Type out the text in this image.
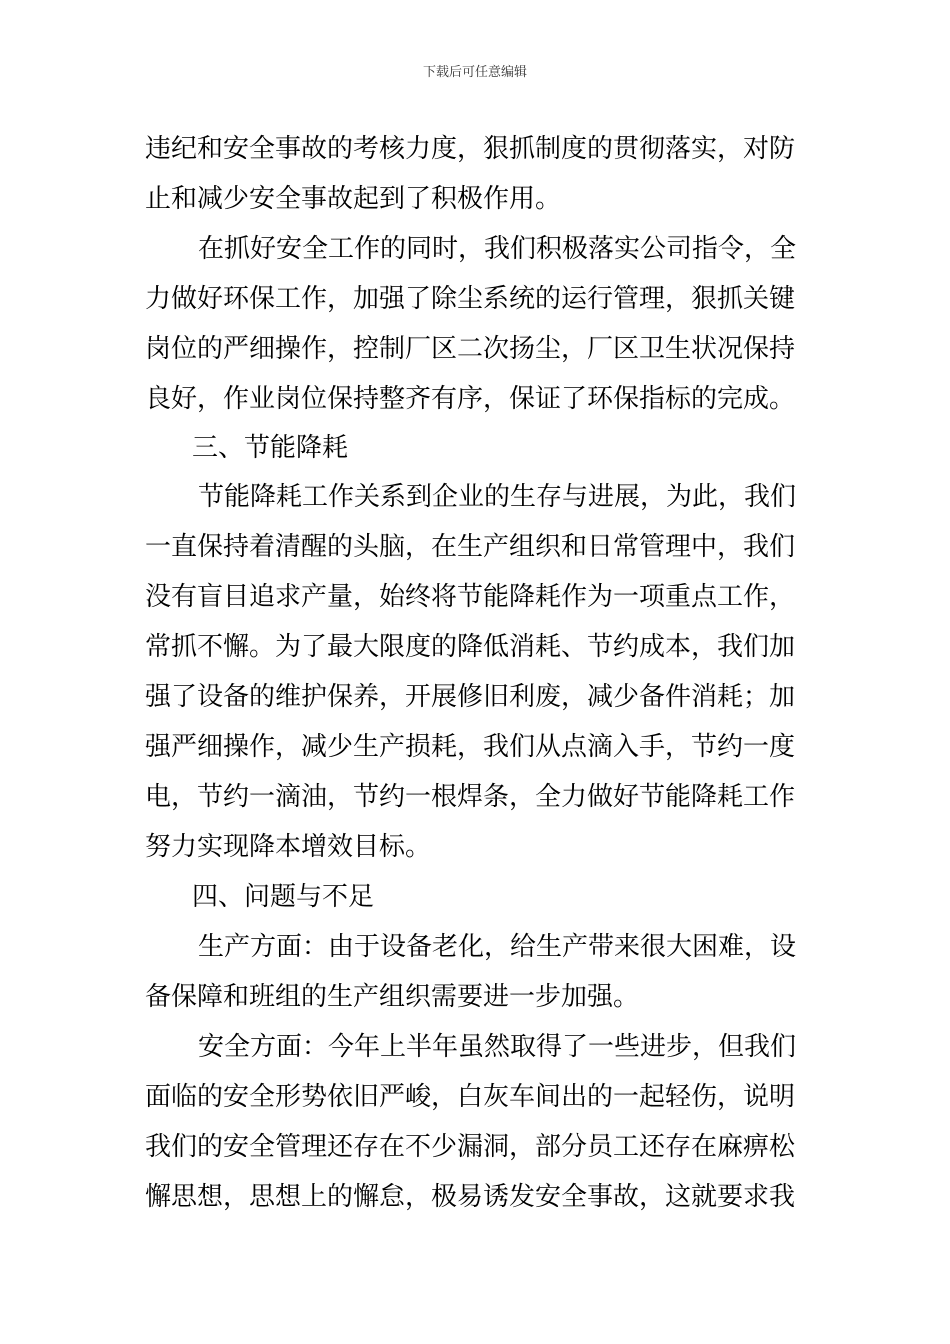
下载后可任意编辑
违纪和安全事故的考核力度，狠抓制度的贯彻落实，对防
止和减少安全事故起到了积极作用。
在抓好安全工作的同时，我们积极落实公司指令，全
力做好环保工作，加强了除尘系统的运行管理，狠抓关键
岗位的严细操作，控制厂区二次扬尘，厂区卫生状况保持
良好，作业岗位保持整齐有序，保证了环保指标的完成。
三、节能降耗
节能降耗工作关系到企业的生存与进展，为此，我们
一直保持着清醒的头脑，在生产组织和日常管理中，我们
没有盲目追求产量，始终将节能降耗作为一项重点工作，
常抓不懈。为了最大限度的降低消耗、节约成本，我们加
强了设备的维护保养，开展修旧利废，减少备件消耗；加
强严细操作，减少生产损耗，我们从点滴入手，节约一度
电，节约一滴油，节约一根焊条，全力做好节能降耗工作
努力实现降本增效目标。
四、问题与不足
生产方面：由于设备老化，给生产带来很大困难，设
备保障和班组的生产组织需要进一步加强。
安全方面：今年上半年虽然取得了一些进步，但我们
面临的安全形势依旧严峻，白灰车间出的一起轻伤，说明
我们的安全管理还存在不少漏洞，部分员工还存在麻痹松
懈思想，思想上的懈怠，极易诱发安全事故，这就要求我
